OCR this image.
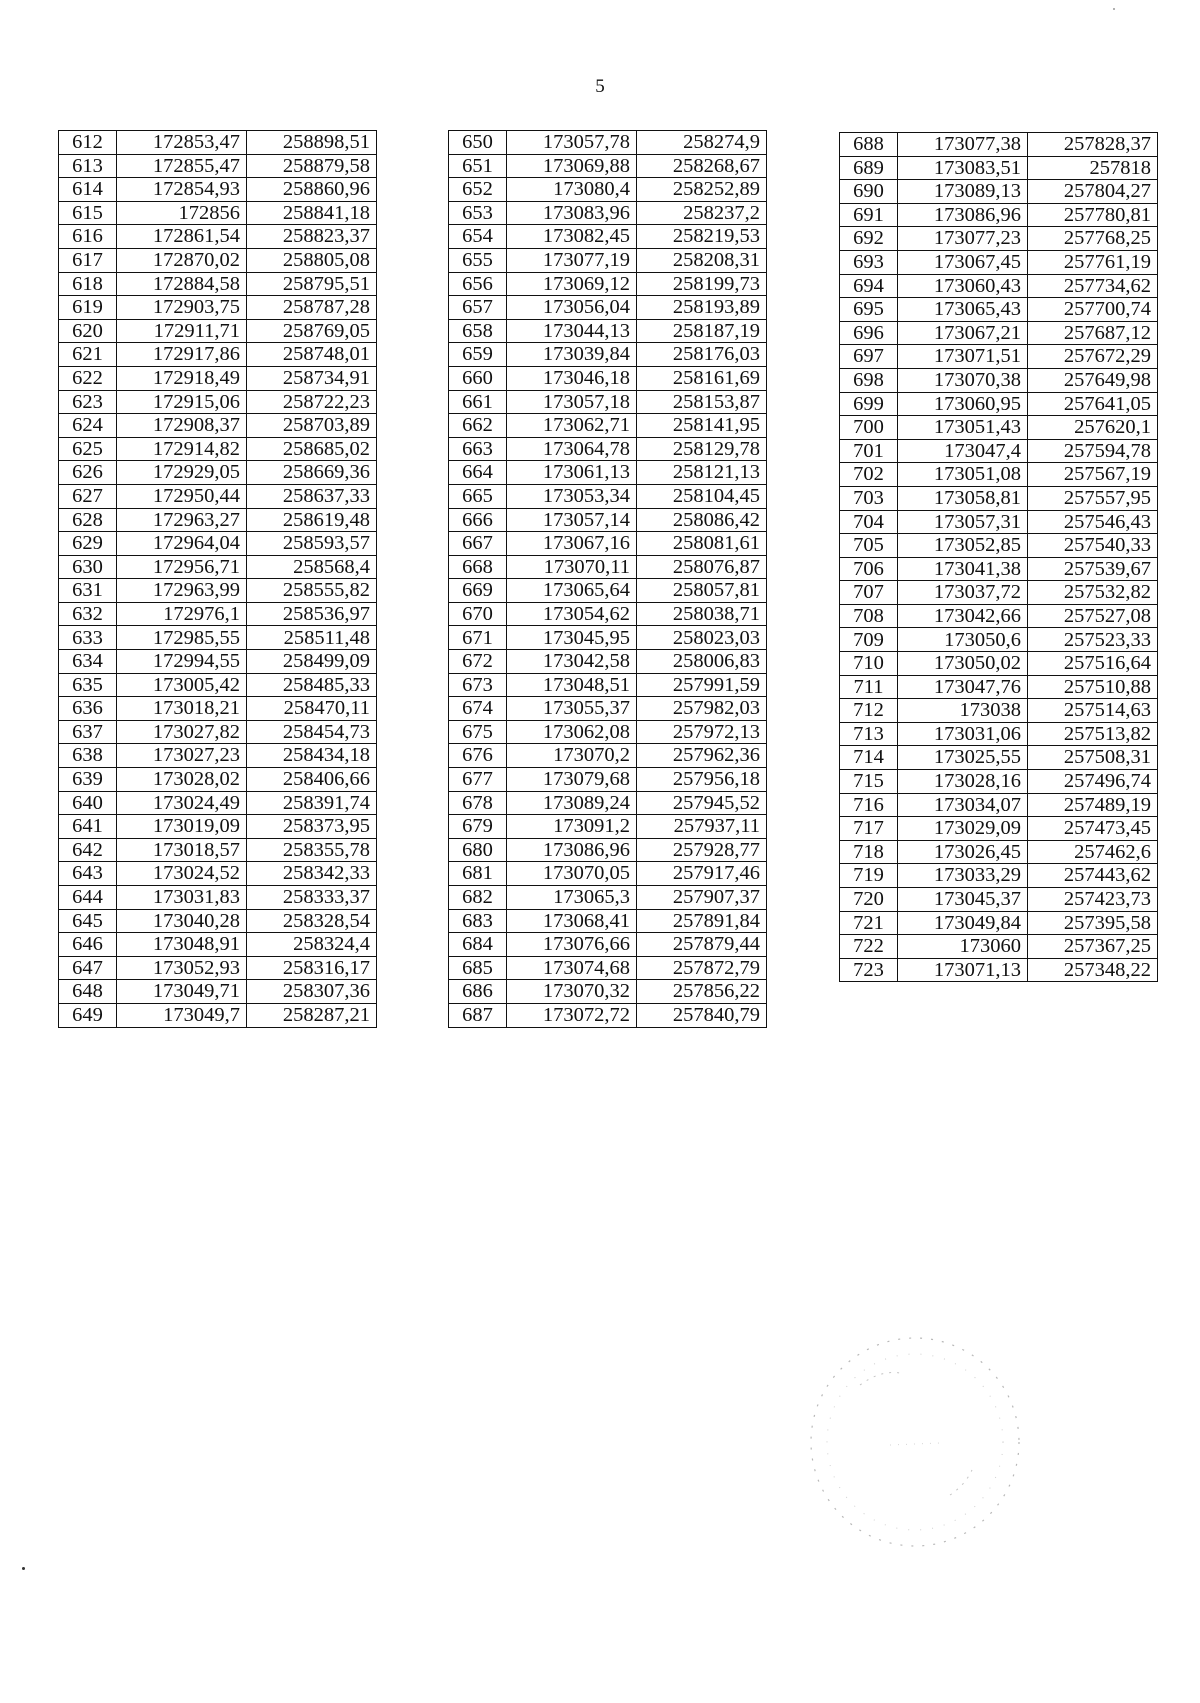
5
612	172853,47	258898,51
613	172855,47	258879,58
614	172854,93	258860,96
615	172856	258841,18
616	172861,54	258823,37
617	172870,02	258805,08
618	172884,58	258795,51
619	172903,75	258787,28
620	172911,71	258769,05
621	172917,86	258748,01
622	172918,49	258734,91
623	172915,06	258722,23
624	172908,37	258703,89
625	172914,82	258685,02
626	172929,05	258669,36
627	172950,44	258637,33
628	172963,27	258619,48
629	172964,04	258593,57
630	172956,71	258568,4
631	172963,99	258555,82
632	172976,1	258536,97
633	172985,55	258511,48
634	172994,55	258499,09
635	173005,42	258485,33
636	173018,21	258470,11
637	173027,82	258454,73
638	173027,23	258434,18
639	173028,02	258406,66
640	173024,49	258391,74
641	173019,09	258373,95
642	173018,57	258355,78
643	173024,52	258342,33
644	173031,83	258333,37
645	173040,28	258328,54
646	173048,91	258324,4
647	173052,93	258316,17
648	173049,71	258307,36
649	173049,7	258287,21
650	173057,78	258274,9
651	173069,88	258268,67
652	173080,4	258252,89
653	173083,96	258237,2
654	173082,45	258219,53
655	173077,19	258208,31
656	173069,12	258199,73
657	173056,04	258193,89
658	173044,13	258187,19
659	173039,84	258176,03
660	173046,18	258161,69
661	173057,18	258153,87
662	173062,71	258141,95
663	173064,78	258129,78
664	173061,13	258121,13
665	173053,34	258104,45
666	173057,14	258086,42
667	173067,16	258081,61
668	173070,11	258076,87
669	173065,64	258057,81
670	173054,62	258038,71
671	173045,95	258023,03
672	173042,58	258006,83
673	173048,51	257991,59
674	173055,37	257982,03
675	173062,08	257972,13
676	173070,2	257962,36
677	173079,68	257956,18
678	173089,24	257945,52
679	173091,2	257937,11
680	173086,96	257928,77
681	173070,05	257917,46
682	173065,3	257907,37
683	173068,41	257891,84
684	173076,66	257879,44
685	173074,68	257872,79
686	173070,32	257856,22
687	173072,72	257840,79
688	173077,38	257828,37
689	173083,51	257818
690	173089,13	257804,27
691	173086,96	257780,81
692	173077,23	257768,25
693	173067,45	257761,19
694	173060,43	257734,62
695	173065,43	257700,74
696	173067,21	257687,12
697	173071,51	257672,29
698	173070,38	257649,98
699	173060,95	257641,05
700	173051,43	257620,1
701	173047,4	257594,78
702	173051,08	257567,19
703	173058,81	257557,95
704	173057,31	257546,43
705	173052,85	257540,33
706	173041,38	257539,67
707	173037,72	257532,82
708	173042,66	257527,08
709	173050,6	257523,33
710	173050,02	257516,64
711	173047,76	257510,88
712	173038	257514,63
713	173031,06	257513,82
714	173025,55	257508,31
715	173028,16	257496,74
716	173034,07	257489,19
717	173029,09	257473,45
718	173026,45	257462,6
719	173033,29	257443,62
720	173045,37	257423,73
721	173049,84	257395,58
722	173060	257367,25
723	173071,13	257348,22
